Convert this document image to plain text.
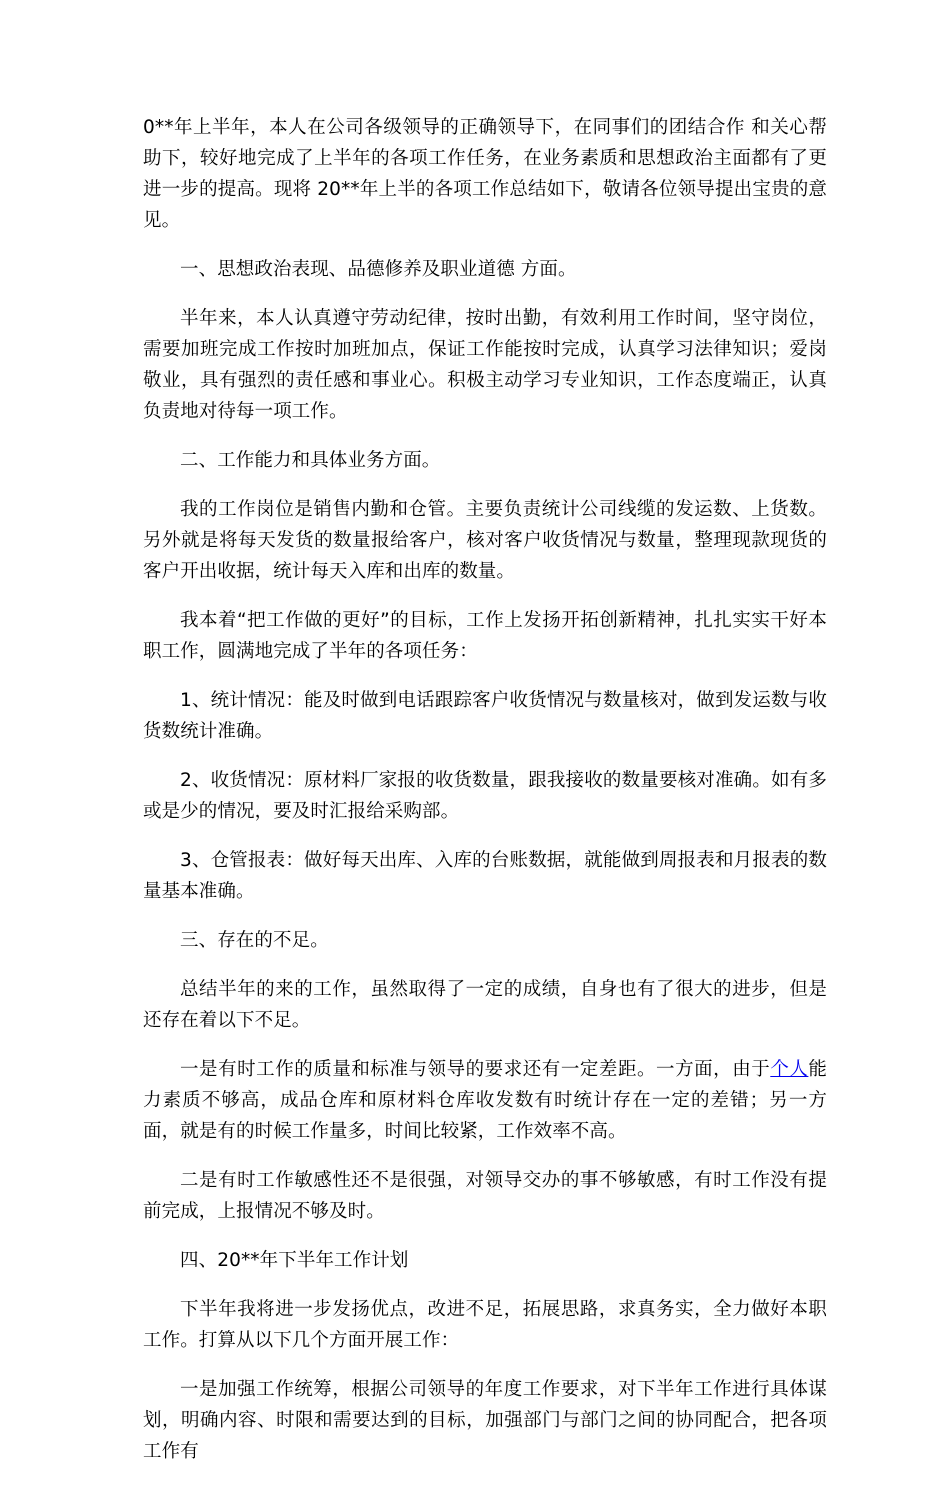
0**年上半年，本人在公司各级领导的正确领导下，在同事们的团结合作 和关心帮助下，较好地完成了上半年的各项工作任务，在业务素质和思想政治主面都有了更进一步的提高。现将 20**年上半的各项工作总结如下，敬请各位领导提出宝贵的意见。

一、思想政治表现、品德修养及职业道德 方面。

半年来，本人认真遵守劳动纪律，按时出勤，有效利用工作时间，坚守岗位，需要加班完成工作按时加班加点，保证工作能按时完成，认真学习法律知识；爱岗敬业，具有强烈的责任感和事业心。积极主动学习专业知识，工作态度端正，认真负责地对待每一项工作。

二、工作能力和具体业务方面。

我的工作岗位是销售内勤和仓管。主要负责统计公司线缆的发运数、上货数。另外就是将每天发货的数量报给客户，核对客户收货情况与数量，整理现款现货的客户开出收据，统计每天入库和出库的数量。

我本着“把工作做的更好”的目标，工作上发扬开拓创新精神，扎扎实实干好本职工作，圆满地完成了半年的各项任务：

1、统计情况：能及时做到电话跟踪客户收货情况与数量核对，做到发运数与收货数统计准确。

2、收货情况：原材料厂家报的收货数量，跟我接收的数量要核对准确。如有多或是少的情况，要及时汇报给采购部。

3、仓管报表：做好每天出库、入库的台账数据，就能做到周报表和月报表的数量基本准确。

三、存在的不足。

总结半年的来的工作，虽然取得了一定的成绩，自身也有了很大的进步，但是还存在着以下不足。

一是有时工作的质量和标准与领导的要求还有一定差距。一方面，由于个人能力素质不够高，成品仓库和原材料仓库收发数有时统计存在一定的差错；另一方面，就是有的时候工作量多，时间比较紧，工作效率不高。

二是有时工作敏感性还不是很强，对领导交办的事不够敏感，有时工作没有提前完成，上报情况不够及时。

四、20**年下半年工作计划

下半年我将进一步发扬优点，改进不足，拓展思路，求真务实，全力做好本职工作。打算从以下几个方面开展工作：

一是加强工作统筹，根据公司领导的年度工作要求，对下半年工作进行具体谋划，明确内容、时限和需要达到的目标，加强部门与部门之间的协同配合，把各项工作有
